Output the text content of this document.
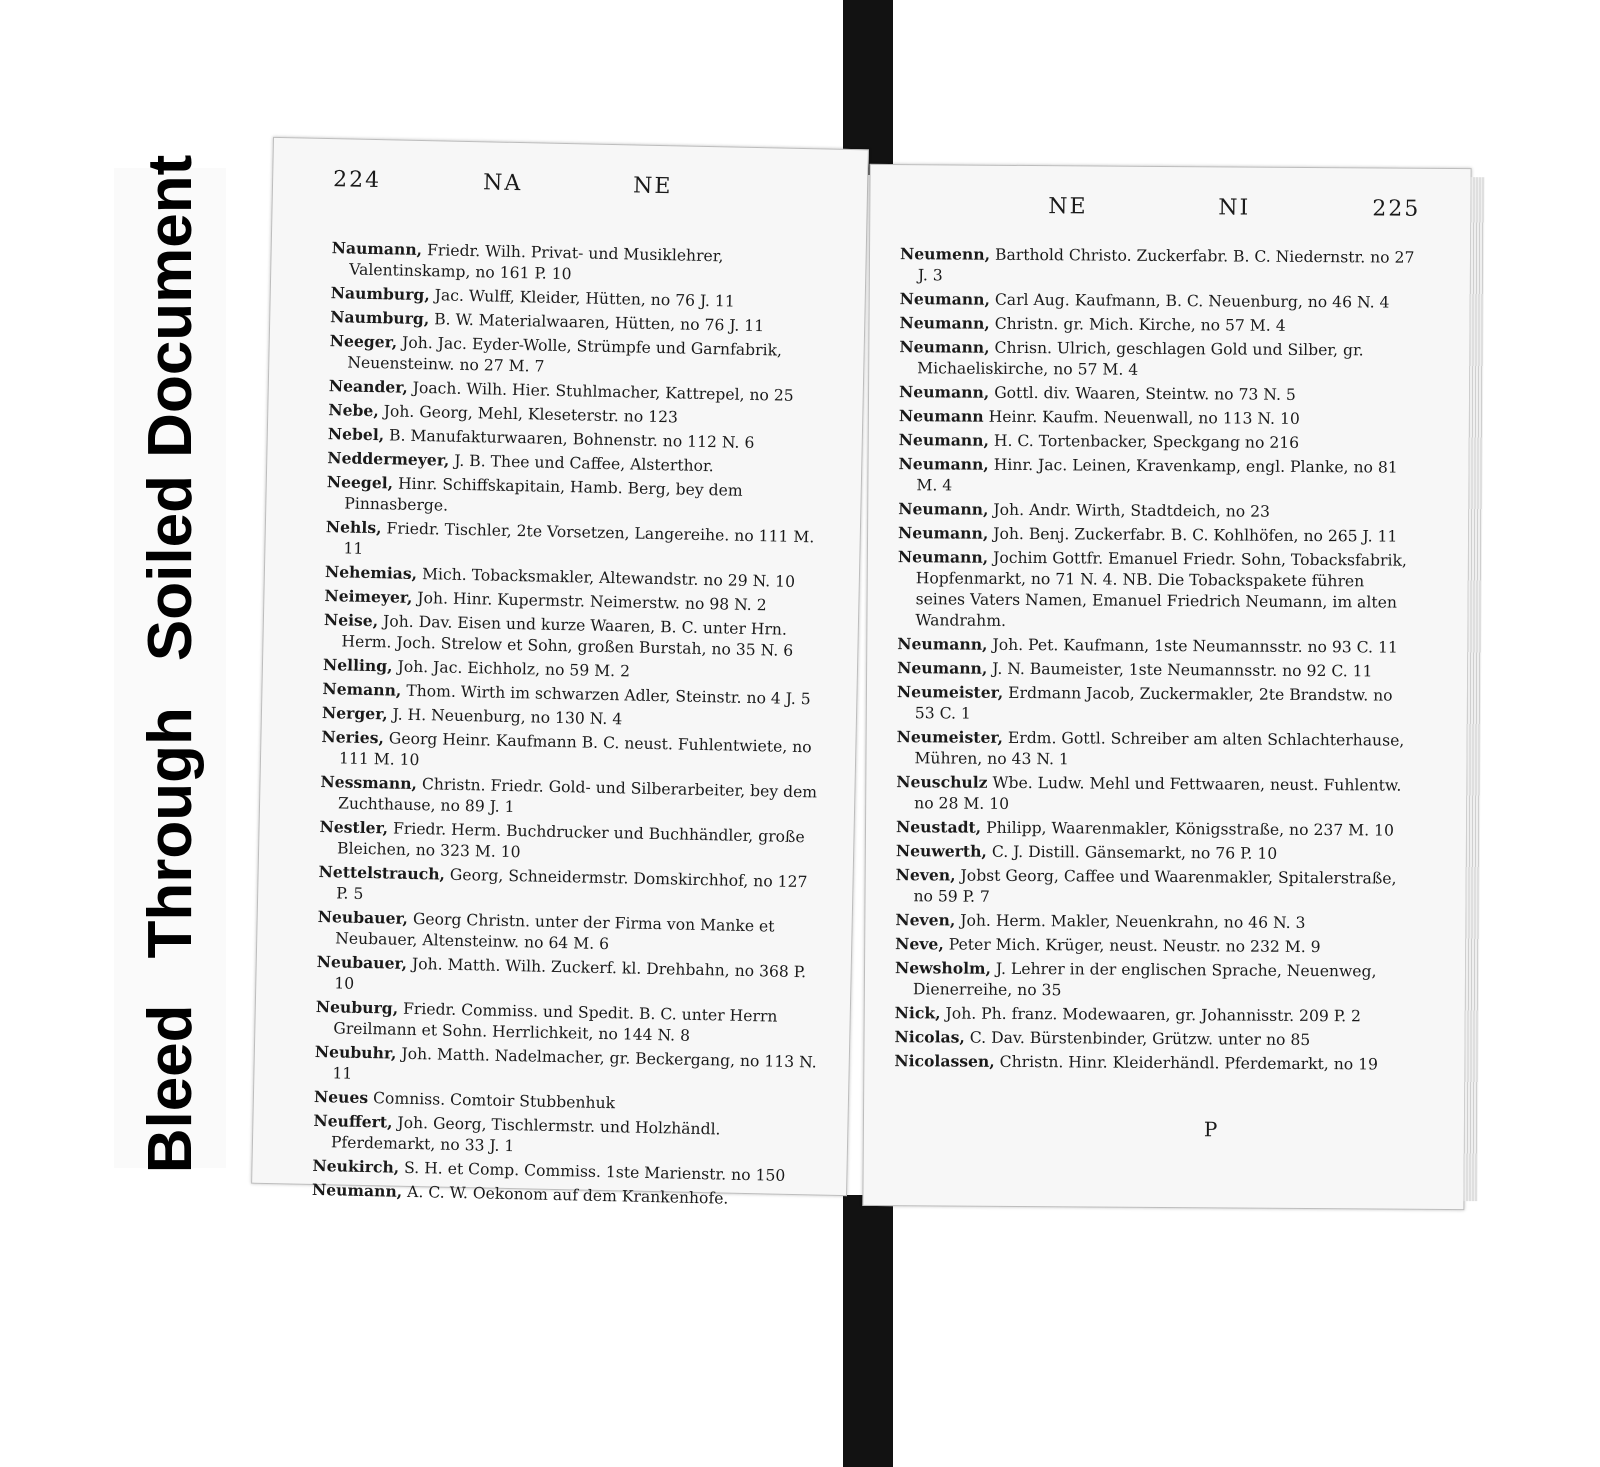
Bleed
Through
Soiled Document	224	NA	NE
Naumann, Friedr. Wilh. Privat- und Musiklehrer, Valentinskamp, no 161 P. 10
Naumburg, Jac. Wulff, Kleider, Hütten, no 76 J. 11
Naumburg, B. W. Materialwaaren, Hütten, no 76 J. 11
Neeger, Joh. Jac. Eyder-Wolle, Strümpfe und Garnfabrik, Neuensteinw. no 27 M. 7
Neander, Joach. Wilh. Hier. Stuhlmacher, Kattrepel, no 25
Nebe, Joh. Georg, Mehl, Kleseterstr. no 123
Nebel, B. Manufakturwaaren, Bohnenstr. no 112 N. 6
Neddermeyer, J. B. Thee und Caffee, Alsterthor.
Neegel, Hinr. Schiffskapitain, Hamb. Berg, bey dem Pinnasberge.
Nehls, Friedr. Tischler, 2te Vorsetzen, Langereihe. no 111 M. 11
Nehemias, Mich. Tobacksmakler, Altewandstr. no 29 N. 10
Neimeyer, Joh. Hinr. Kupermstr. Neimerstw. no 98 N. 2
Neise, Joh. Dav. Eisen und kurze Waaren, B. C. unter Hrn. Herm. Joch. Strelow et Sohn, großen Burstah, no 35 N. 6
Nelling, Joh. Jac. Eichholz, no 59 M. 2
Nemann, Thom. Wirth im schwarzen Adler, Steinstr. no 4 J. 5
Nerger, J. H. Neuenburg, no 130 N. 4
Neries, Georg Heinr. Kaufmann B. C. neust. Fuhlentwiete, no 111 M. 10
Nessmann, Christn. Friedr. Gold- und Silberarbeiter, bey dem Zuchthause, no 89 J. 1
Nestler, Friedr. Herm. Buchdrucker und Buchhändler, große Bleichen, no 323 M. 10
Nettelstrauch, Georg, Schneidermstr. Domskirchhof, no 127 P. 5
Neubauer, Georg Christn. unter der Firma von Manke et Neubauer, Altensteinw. no 64 M. 6
Neubauer, Joh. Matth. Wilh. Zuckerf. kl. Drehbahn, no 368 P. 10
Neuburg, Friedr. Commiss. und Spedit. B. C. unter Herrn Greilmann et Sohn. Herrlichkeit, no 144 N. 8
Neubuhr, Joh. Matth. Nadelmacher, gr. Beckergang, no 113 N. 11
Neues Comniss. Comtoir Stubbenhuk
Neuffert, Joh. Georg, Tischlermstr. und Holzhändl. Pferdemarkt, no 33 J. 1
Neukirch, S. H. et Comp. Commiss. 1ste Marienstr. no 150
Neumann, A. C. W. Oekonom auf dem Krankenhofe.
NE	NI	225
Neumenn, Barthold Christo. Zuckerfabr. B. C. Niedernstr. no 27 J. 3
Neumann, Carl Aug. Kaufmann, B. C. Neuenburg, no 46 N. 4
Neumann, Christn. gr. Mich. Kirche, no 57 M. 4
Neumann, Chrisn. Ulrich, geschlagen Gold und Silber, gr. Michaeliskirche, no 57 M. 4
Neumann, Gottl. div. Waaren, Steintw. no 73 N. 5
Neumann Heinr. Kaufm. Neuenwall, no 113 N. 10
Neumann, H. C. Tortenbacker, Speckgang no 216
Neumann, Hinr. Jac. Leinen, Kravenkamp, engl. Planke, no 81 M. 4
Neumann, Joh. Andr. Wirth, Stadtdeich, no 23
Neumann, Joh. Benj. Zuckerfabr. B. C. Kohlhöfen, no 265 J. 11
Neumann, Jochim Gottfr. Emanuel Friedr. Sohn, Tobacksfabrik, Hopfenmarkt, no 71 N. 4. NB. Die Tobackspakete führen seines Vaters Namen, Emanuel Friedrich Neumann, im alten Wandrahm.
Neumann, Joh. Pet. Kaufmann, 1ste Neumannsstr. no 93 C. 11
Neumann, J. N. Baumeister, 1ste Neumannsstr. no 92 C. 11
Neumeister, Erdmann Jacob, Zuckermakler, 2te Brandstw. no 53 C. 1
Neumeister, Erdm. Gottl. Schreiber am alten Schlachterhause, Mühren, no 43 N. 1
Neuschulz Wbe. Ludw. Mehl und Fettwaaren, neust. Fuhlentw. no 28 M. 10
Neustadt, Philipp, Waarenmakler, Königsstraße, no 237 M. 10
Neuwerth, C. J. Distill. Gänsemarkt, no 76 P. 10
Neven, Jobst Georg, Caffee und Waarenmakler, Spitalerstraße, no 59 P. 7
Neven, Joh. Herm. Makler, Neuenkrahn, no 46 N. 3
Neve, Peter Mich. Krüger, neust. Neustr. no 232 M. 9
Newsholm, J. Lehrer in der englischen Sprache, Neuenweg, Dienerreihe, no 35
Nick, Joh. Ph. franz. Modewaaren, gr. Johannisstr. 209 P. 2
Nicolas, C. Dav. Bürstenbinder, Grützw. unter no 85
Nicolassen, Christn. Hinr. Kleiderhändl. Pferdemarkt, no 19
P
